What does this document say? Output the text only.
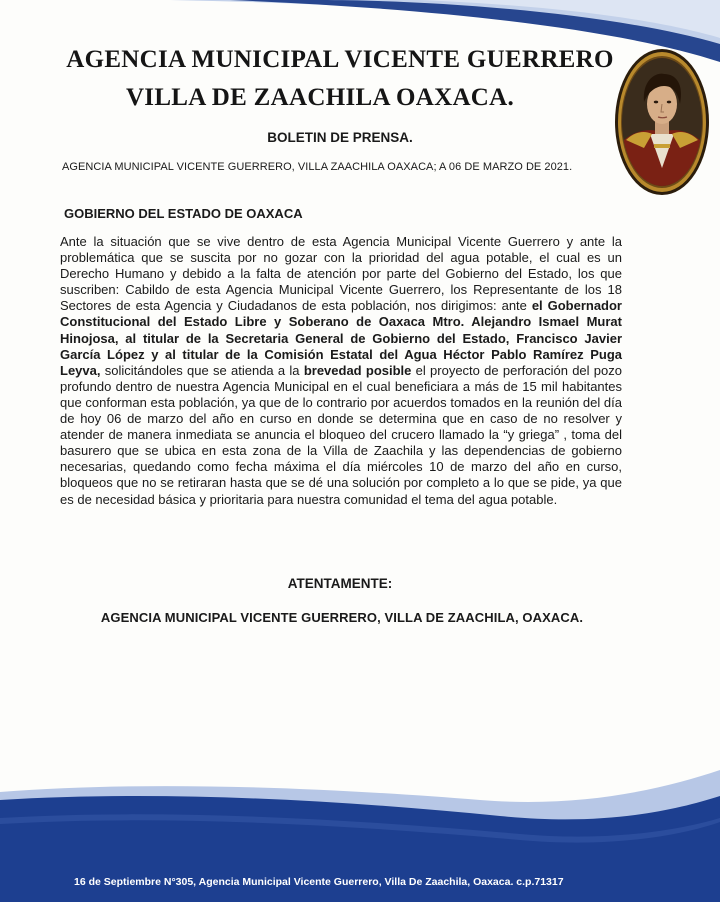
AGENCIA MUNICIPAL VICENTE GUERRERO
VILLA DE ZAACHILA OAXACA.
BOLETIN DE PRENSA.
AGENCIA MUNICIPAL VICENTE GUERRERO, VILLA ZAACHILA OAXACA; A 06 DE MARZO DE 2021.
GOBIERNO DEL ESTADO DE OAXACA
Ante la situación que se vive dentro de esta Agencia Municipal Vicente Guerrero y ante la problemática que se suscita por no gozar con la prioridad del agua potable, el cual es un Derecho Humano y debido a la falta de atención por parte del Gobierno del Estado, los que suscriben: Cabildo de esta Agencia Municipal Vicente Guerrero, los Representante de los 18 Sectores de esta Agencia y Ciudadanos de esta población, nos dirigimos: ante el Gobernador Constitucional del Estado Libre y Soberano de Oaxaca Mtro. Alejandro Ismael Murat Hinojosa, al titular de la Secretaria General de Gobierno del Estado, Francisco Javier García López y al titular de la Comisión Estatal del Agua Héctor Pablo Ramírez Puga Leyva, solicitándoles que se atienda a la brevedad posible el proyecto de perforación del pozo profundo dentro de nuestra Agencia Municipal en el cual beneficiara a más de 15 mil habitantes que conforman esta población, ya que de lo contrario por acuerdos tomados en la reunión del día de hoy 06 de marzo del año en curso en donde se determina que en caso de no resolver y atender de manera inmediata se anuncia el bloqueo del crucero llamado la “y griega” , toma del basurero que se ubica en esta zona de la Villa de Zaachila y las dependencias de gobierno necesarias, quedando como fecha máxima el día miércoles 10 de marzo del año en curso, bloqueos que no se retiraran hasta que se dé una solución por completo a lo que se pide, ya que es de necesidad básica y prioritaria para nuestra comunidad el tema del agua potable.
ATENTAMENTE:
AGENCIA MUNICIPAL VICENTE GUERRERO, VILLA DE ZAACHILA, OAXACA.
16 de Septiembre N°305, Agencia Municipal Vicente Guerrero, Villa De Zaachila, Oaxaca. c.p.71317
